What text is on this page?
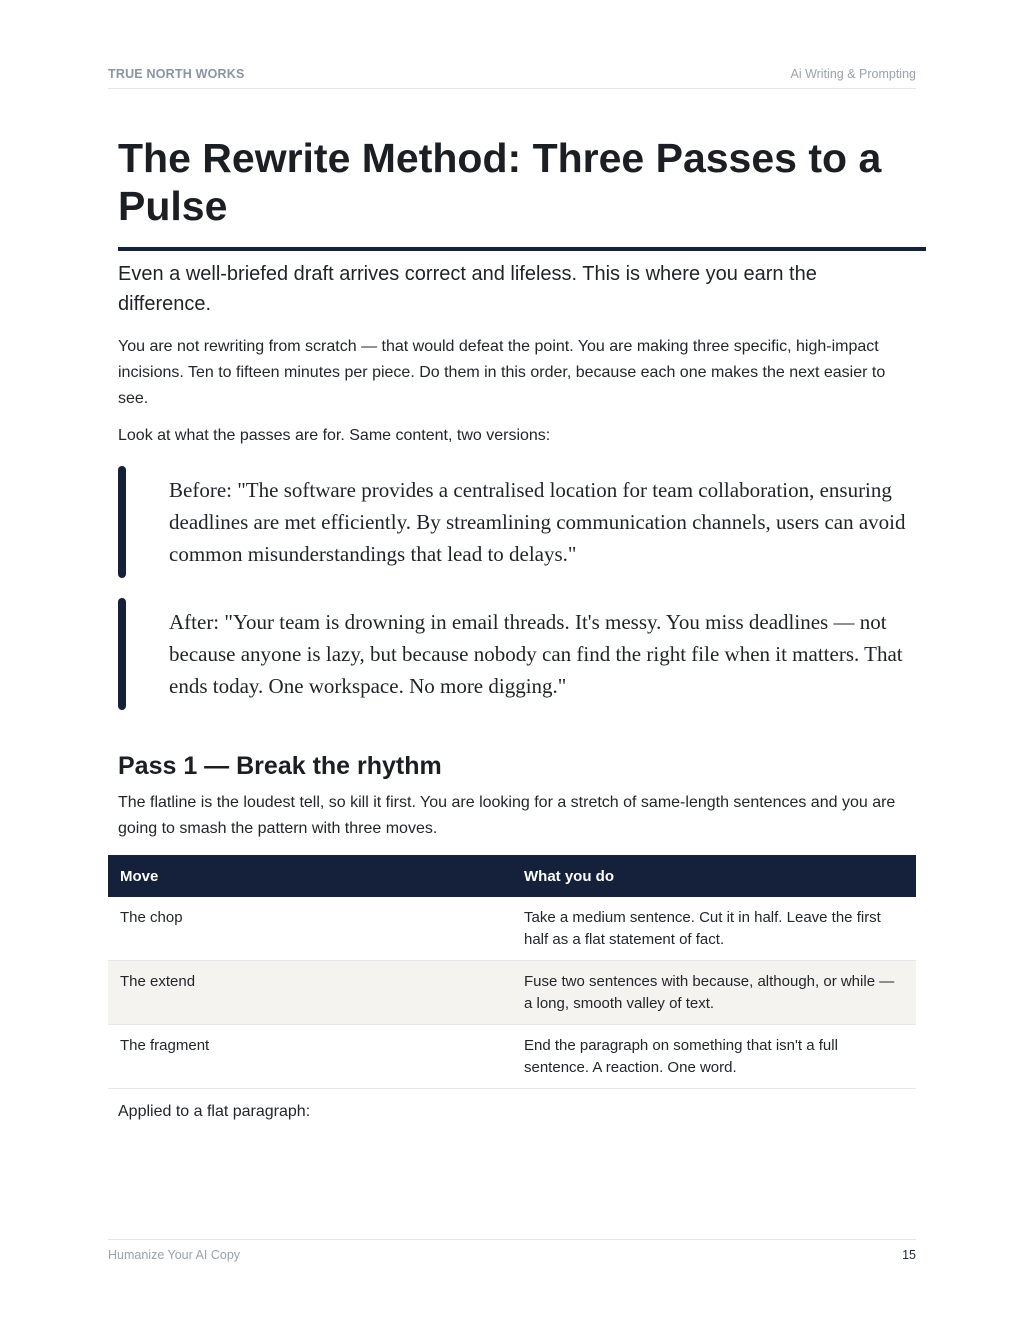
TRUE NORTH WORKS	Ai Writing & Prompting
The Rewrite Method: Three Passes to a Pulse

Even a well-briefed draft arrives correct and lifeless. This is where you earn the difference.

You are not rewriting from scratch — that would defeat the point. You are making three specific, high-impact incisions. Ten to fifteen minutes per piece. Do them in this order, because each one makes the next easier to see.

Look at what the passes are for. Same content, two versions:

Before: "The software provides a centralised location for team collaboration, ensuring deadlines are met efficiently. By streamlining communication channels, users can avoid common misunderstandings that lead to delays."

After: "Your team is drowning in email threads. It's messy. You miss deadlines — not because anyone is lazy, but because nobody can find the right file when it matters. That ends today. One workspace. No more digging."

Pass 1 — Break the rhythm

The flatline is the loudest tell, so kill it first. You are looking for a stretch of same-length sentences and you are going to smash the pattern with three moves.

Move	What you do
The chop	Take a medium sentence. Cut it in half. Leave the first half as a flat statement of fact.
The extend	Fuse two sentences with because, although, or while — a long, smooth valley of text.
The fragment	End the paragraph on something that isn't a full sentence. A reaction. One word.

Applied to a flat paragraph:

Humanize Your AI Copy	15
